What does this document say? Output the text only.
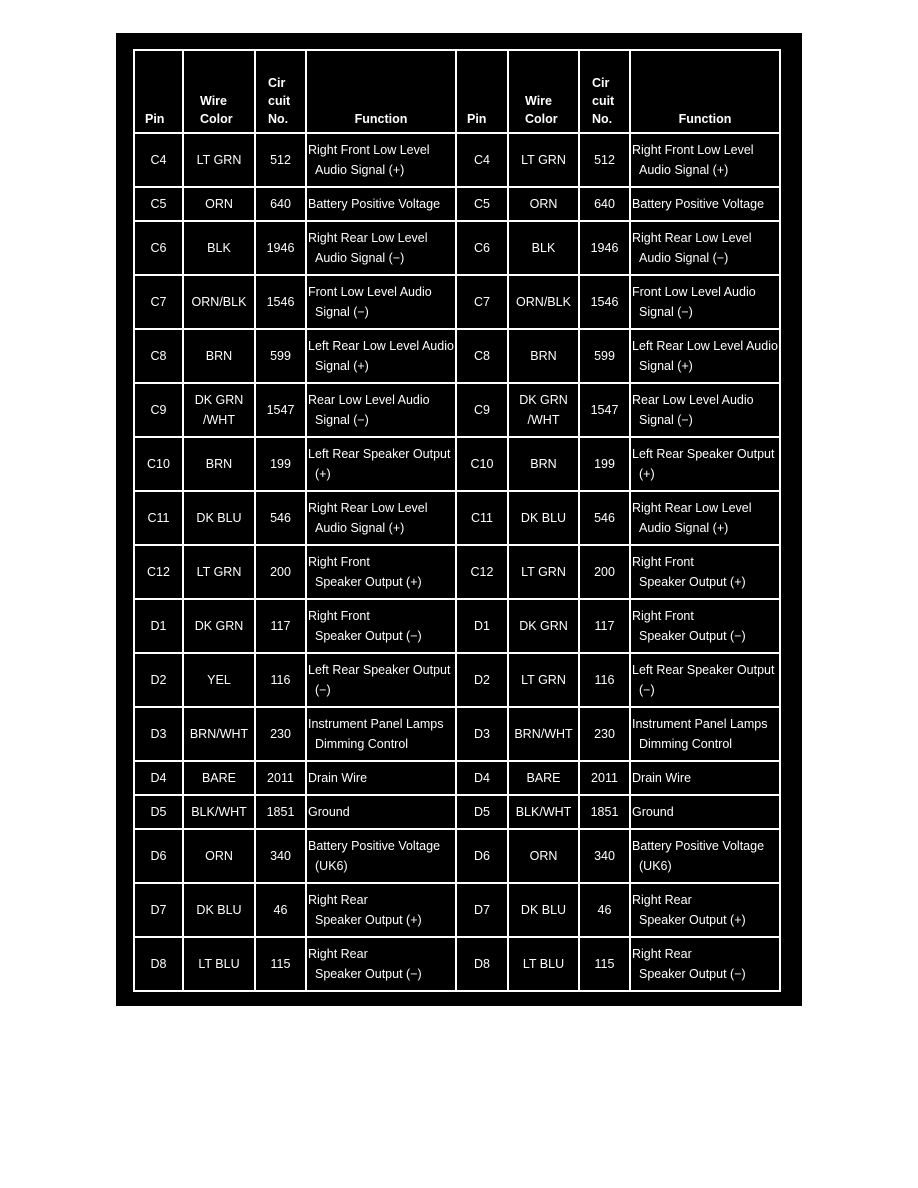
Pin	Wire
Color	Cir
cuit
No.	Function	Pin	Wire
Color	Cir
cuit
No.	Function
C4	LT GRN	512	Right Front Low Level
Audio Signal (+)	C4	LT GRN	512	Right Front Low Level
Audio Signal (+)

C5	ORN	640	Battery Positive Voltage	C5	ORN	640	Battery Positive Voltage

C6	BLK	1946	Right Rear Low Level
Audio Signal (−)	C6	BLK	1946	Right Rear Low Level
Audio Signal (−)

C7	ORN/BLK	1546	Front Low Level Audio
Signal (−)	C7	ORN/BLK	1546	Front Low Level Audio
Signal (−)

C8	BRN	599	Left Rear Low Level Audio
Signal (+)	C8	BRN	599	Left Rear Low Level Audio
Signal (+)

C9	DK GRN
/WHT	1547	Rear Low Level Audio
Signal (−)	C9	DK GRN
/WHT	1547	Rear Low Level Audio
Signal (−)

C10	BRN	199	Left Rear Speaker Output
(+)	C10	BRN	199	Left Rear Speaker Output
(+)

C11	DK BLU	546	Right Rear Low Level
Audio Signal (+)	C11	DK BLU	546	Right Rear Low Level
Audio Signal (+)

C12	LT GRN	200	Right Front
Speaker Output (+)	C12	LT GRN	200	Right Front
Speaker Output (+)

D1	DK GRN	117	Right Front
Speaker Output (−)	D1	DK GRN	117	Right Front
Speaker Output (−)

D2	YEL	116	Left Rear Speaker Output
(−)	D2	LT GRN	116	Left Rear Speaker Output
(−)

D3	BRN/WHT	230	Instrument Panel Lamps
Dimming Control	D3	BRN/WHT	230	Instrument Panel Lamps
Dimming Control

D4	BARE	2011	Drain Wire	D4	BARE	2011	Drain Wire

D5	BLK/WHT	1851	Ground	D5	BLK/WHT	1851	Ground

D6	ORN	340	Battery Positive Voltage
(UK6)	D6	ORN	340	Battery Positive Voltage
(UK6)

D7	DK BLU	46	Right Rear
Speaker Output (+)	D7	DK BLU	46	Right Rear
Speaker Output (+)

D8	LT BLU	115	Right Rear
Speaker Output (−)	D8	LT BLU	115	Right Rear
Speaker Output (−)
